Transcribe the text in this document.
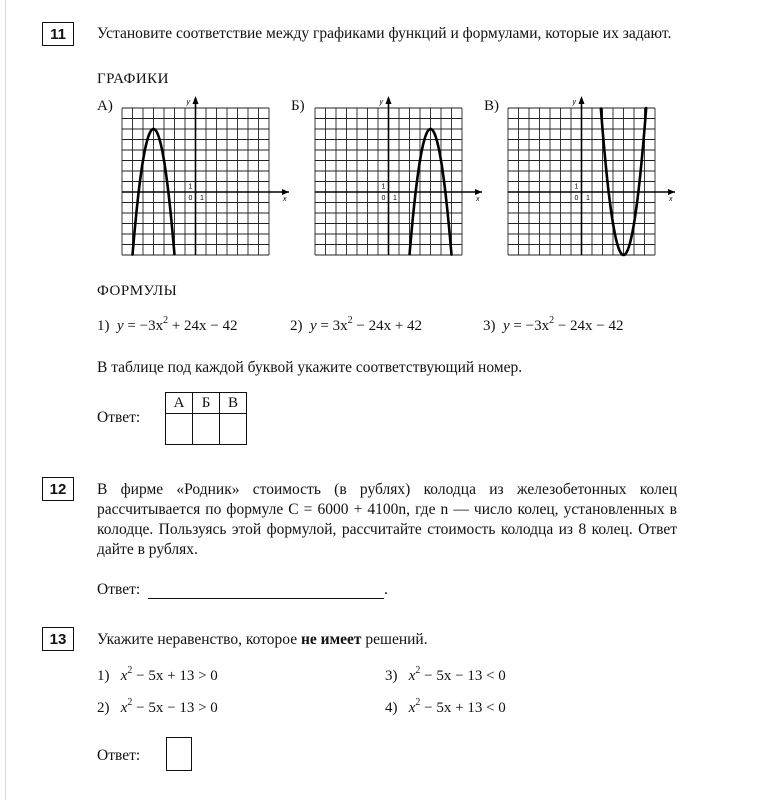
11	Установите соответствие между графиками функций и формулами, которые их задают.
ГРАФИКИ
А)	Б)	В)
x
y
0 1
1
x
y
0 1
1
x
y
0 1
1
ФОРМУЛЫ
1) $y = -3x^2 + 24x - 42$	2) $y = 3x^2 - 24x + 42$	3) $y = -3x^2 - 24x - 42$
В таблице под каждой буквой укажите соответствующий номер.
Ответ:
А	Б	В

12	В фирме «Родник» стоимость (в рублях) колодца из железобетонных колец рассчитывается по формуле C = 6000 + 4100n, где n — число колец, установленных в колодце. Пользуясь этой формулой, рассчитайте стоимость колодца из 8 колец. Ответ дайте в рублях.
Ответ:	.
13	Укажите неравенство, которое не имеет решений.
1) $x^2 - 5x + 13 > 0$
2) $x^2 - 5x - 13 > 0$
3) $x^2 - 5x - 13 < 0$
4) $x^2 - 5x + 13 < 0$
Ответ:
